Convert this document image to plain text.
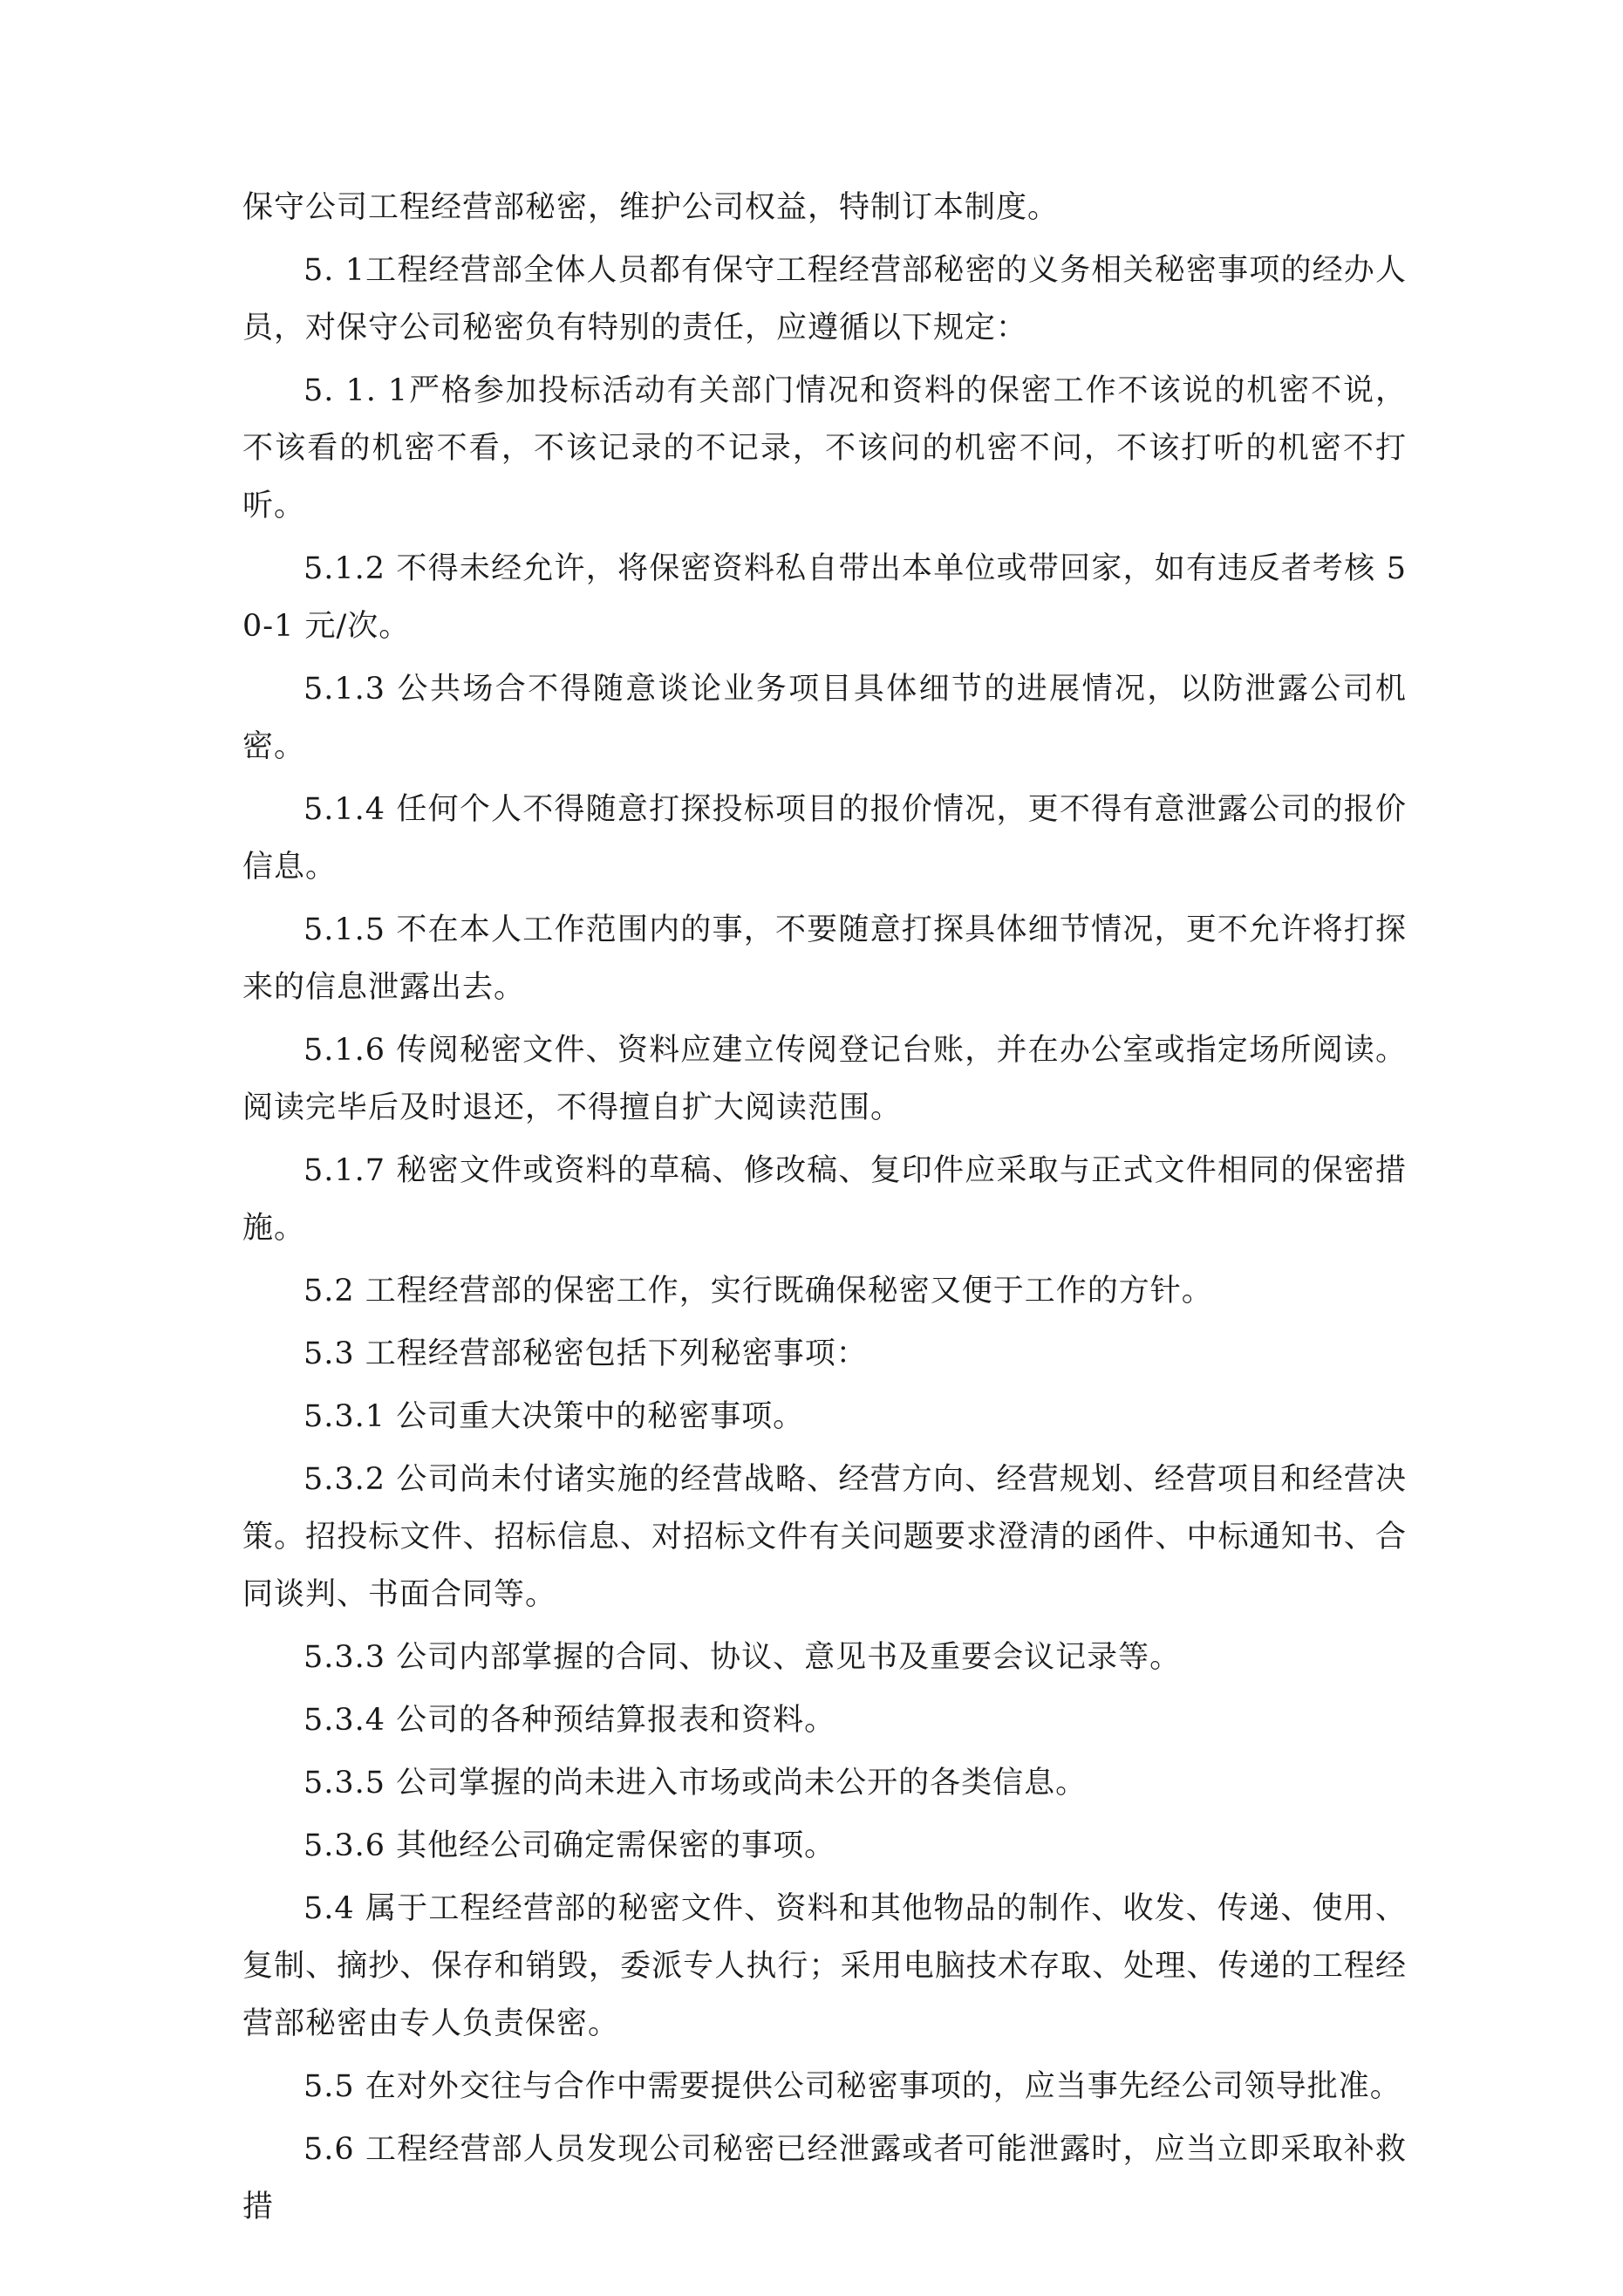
保守公司工程经营部秘密，维护公司权益，特制订本制度。

5. 1工程经营部全体人员都有保守工程经营部秘密的义务相关秘密事项的经办人员，对保守公司秘密负有特别的责任，应遵循以下规定：

5. 1. 1严格参加投标活动有关部门情况和资料的保密工作不该说的机密不说，不该看的机密不看，不该记录的不记录，不该问的机密不问，不该打听的机密不打听。

5.1.2 不得未经允许，将保密资料私自带出本单位或带回家，如有违反者考核 50-1 元/次。

5.1.3 公共场合不得随意谈论业务项目具体细节的进展情况，以防泄露公司机密。

5.1.4 任何个人不得随意打探投标项目的报价情况，更不得有意泄露公司的报价信息。

5.1.5 不在本人工作范围内的事，不要随意打探具体细节情况，更不允许将打探来的信息泄露出去。

5.1.6 传阅秘密文件、资料应建立传阅登记台账，并在办公室或指定场所阅读。阅读完毕后及时退还，不得擅自扩大阅读范围。

5.1.7 秘密文件或资料的草稿、修改稿、复印件应采取与正式文件相同的保密措施。

5.2 工程经营部的保密工作，实行既确保秘密又便于工作的方针。

5.3 工程经营部秘密包括下列秘密事项：

5.3.1 公司重大决策中的秘密事项。

5.3.2 公司尚未付诸实施的经营战略、经营方向、经营规划、经营项目和经营决策。招投标文件、招标信息、对招标文件有关问题要求澄清的函件、中标通知书、合同谈判、书面合同等。

5.3.3 公司内部掌握的合同、协议、意见书及重要会议记录等。

5.3.4 公司的各种预结算报表和资料。

5.3.5 公司掌握的尚未进入市场或尚未公开的各类信息。

5.3.6 其他经公司确定需保密的事项。

5.4 属于工程经营部的秘密文件、资料和其他物品的制作、收发、传递、使用、复制、摘抄、保存和销毁，委派专人执行；采用电脑技术存取、处理、传递的工程经营部秘密由专人负责保密。

5.5 在对外交往与合作中需要提供公司秘密事项的，应当事先经公司领导批准。

5.6 工程经营部人员发现公司秘密已经泄露或者可能泄露时，应当立即采取补救措
